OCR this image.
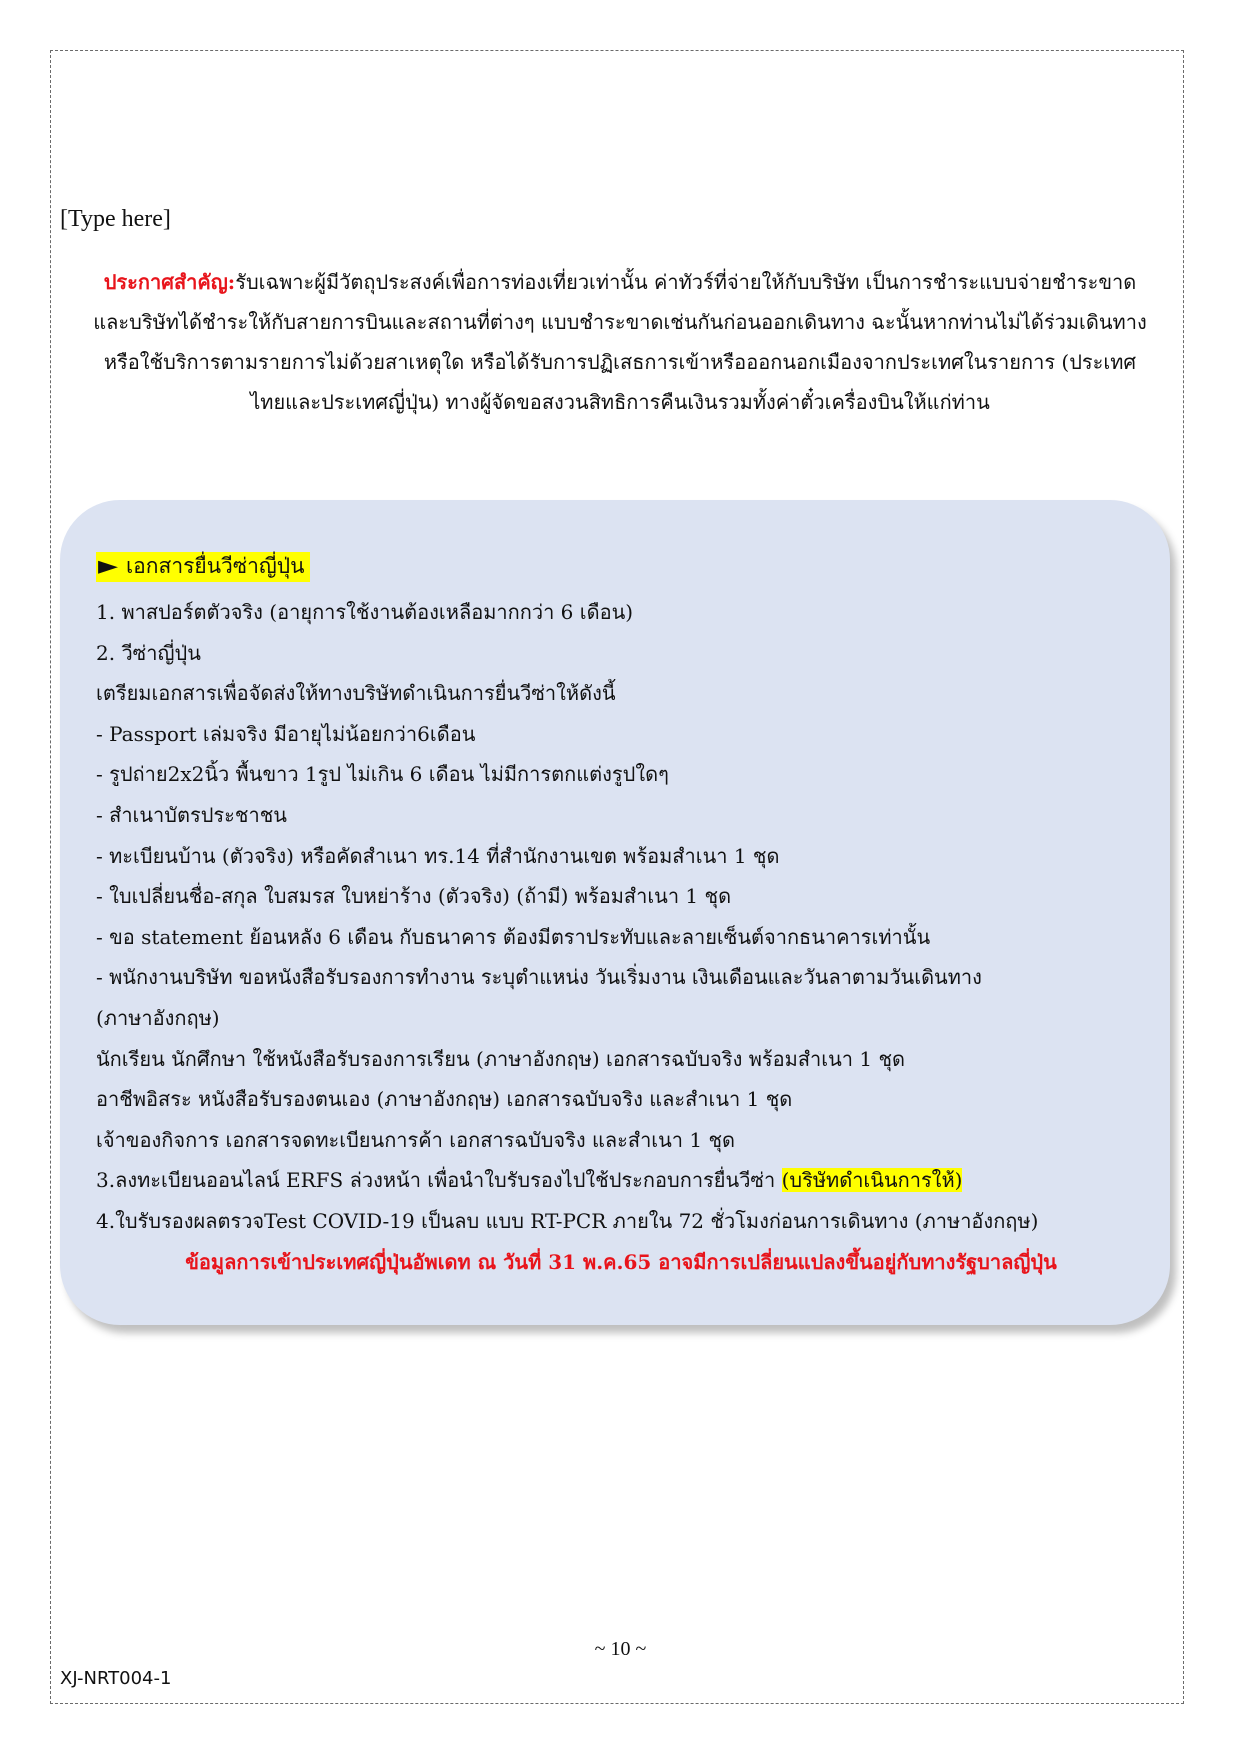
[Type here]

ประกาศสำคัญ:รับเฉพาะผู้มีวัตถุประสงค์เพื่อการท่องเที่ยวเท่านั้น ค่าทัวร์ที่จ่ายให้กับบริษัท เป็นการชำระแบบจ่ายชำระขาด

และบริษัทได้ชำระให้กับสายการบินและสถานที่ต่างๆ แบบชำระขาดเช่นกันก่อนออกเดินทาง ฉะนั้นหากท่านไม่ได้ร่วมเดินทาง

หรือใช้บริการตามรายการไม่ด้วยสาเหตุใด หรือได้รับการปฏิเสธการเข้าหรือออกนอกเมืองจากประเทศในรายการ (ประเทศ

ไทยและประเทศญี่ปุ่น) ทางผู้จัดขอสงวนสิทธิการคืนเงินรวมทั้งค่าตั๋วเครื่องบินให้แก่ท่าน

► เอกสารยื่นวีซ่าญี่ปุ่น

1. พาสปอร์ตตัวจริง (อายุการใช้งานต้องเหลือมากกว่า 6 เดือน)

2. วีซ่าญี่ปุ่น

เตรียมเอกสารเพื่อจัดส่งให้ทางบริษัทดำเนินการยื่นวีซ่าให้ดังนี้

- Passport เล่มจริง มีอายุไม่น้อยกว่า6เดือน

- รูปถ่าย2x2นิ้ว พื้นขาว 1รูป ไม่เกิน 6 เดือน ไม่มีการตกแต่งรูปใดๆ

- สำเนาบัตรประชาชน

- ทะเบียนบ้าน (ตัวจริง) หรือคัดสำเนา ทร.14 ที่สำนักงานเขต พร้อมสำเนา 1 ชุด

- ใบเปลี่ยนชื่อ-สกุล ใบสมรส ใบหย่าร้าง (ตัวจริง) (ถ้ามี) พร้อมสำเนา 1 ชุด

- ขอ statement ย้อนหลัง 6 เดือน กับธนาคาร ต้องมีตราประทับและลายเซ็นต์จากธนาคารเท่านั้น

- พนักงานบริษัท ขอหนังสือรับรองการทำงาน ระบุตำแหน่ง วันเริ่มงาน เงินเดือนและวันลาตามวันเดินทาง

(ภาษาอังกฤษ)

นักเรียน นักศึกษา ใช้หนังสือรับรองการเรียน (ภาษาอังกฤษ) เอกสารฉบับจริง พร้อมสำเนา 1 ชุด

อาชีพอิสระ หนังสือรับรองตนเอง (ภาษาอังกฤษ) เอกสารฉบับจริง และสำเนา 1 ชุด

เจ้าของกิจการ เอกสารจดทะเบียนการค้า เอกสารฉบับจริง และสำเนา 1 ชุด

3.ลงทะเบียนออนไลน์ ERFS ล่วงหน้า เพื่อนำใบรับรองไปใช้ประกอบการยื่นวีซ่า (บริษัทดำเนินการให้)

4.ใบรับรองผลตรวจTest COVID-19 เป็นลบ แบบ RT-PCR ภายใน 72 ชั่วโมงก่อนการเดินทาง (ภาษาอังกฤษ)

ข้อมูลการเข้าประเทศญี่ปุ่นอัพเดท ณ วันที่ 31 พ.ค.65 อาจมีการเปลี่ยนแปลงขึ้นอยู่กับทางรัฐบาลญี่ปุ่น

~ 10 ~
XJ-NRT004-1
